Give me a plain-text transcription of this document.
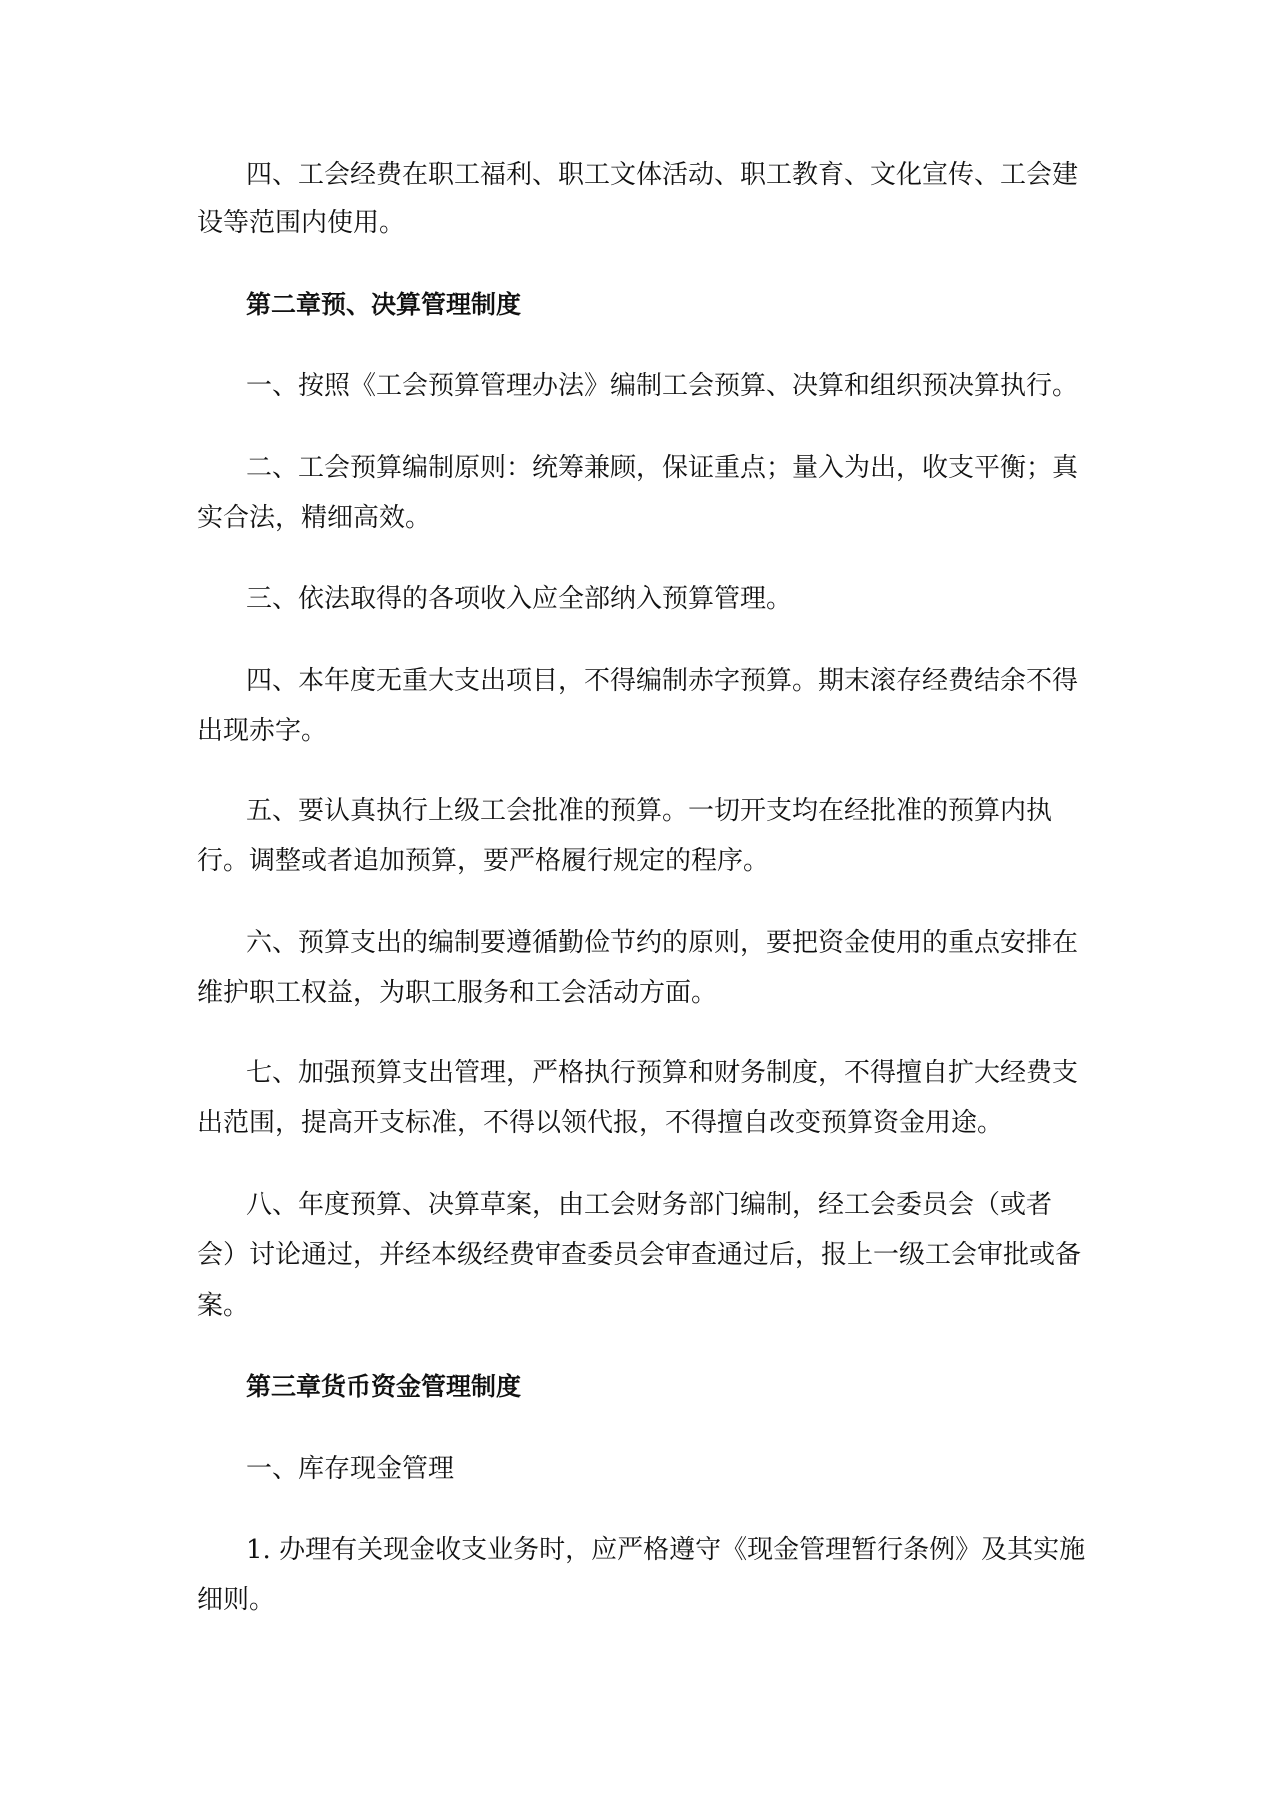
四、工会经费在职工福利、职工文体活动、职工教育、文化宣传、工会建
设等范围内使用。
第二章预、决算管理制度
一、按照《工会预算管理办法》编制工会预算、决算和组织预决算执行。
二、工会预算编制原则：统筹兼顾，保证重点；量入为出，收支平衡；真
实合法，精细高效。
三、依法取得的各项收入应全部纳入预算管理。
四、本年度无重大支出项目，不得编制赤字预算。期末滚存经费结余不得
出现赤字。
五、要认真执行上级工会批准的预算。一切开支均在经批准的预算内执
行。调整或者追加预算，要严格履行规定的程序。
六、预算支出的编制要遵循勤俭节约的原则，要把资金使用的重点安排在
维护职工权益，为职工服务和工会活动方面。
七、加强预算支出管理，严格执行预算和财务制度，不得擅自扩大经费支
出范围，提高开支标准，不得以领代报，不得擅自改变预算资金用途。
八、年度预算、决算草案，由工会财务部门编制，经工会委员会（或者
会）讨论通过，并经本级经费审查委员会审查通过后，报上一级工会审批或备
案。
第三章货币资金管理制度
一、库存现金管理
1. 办理有关现金收支业务时，应严格遵守《现金管理暂行条例》及其实施
细则。
